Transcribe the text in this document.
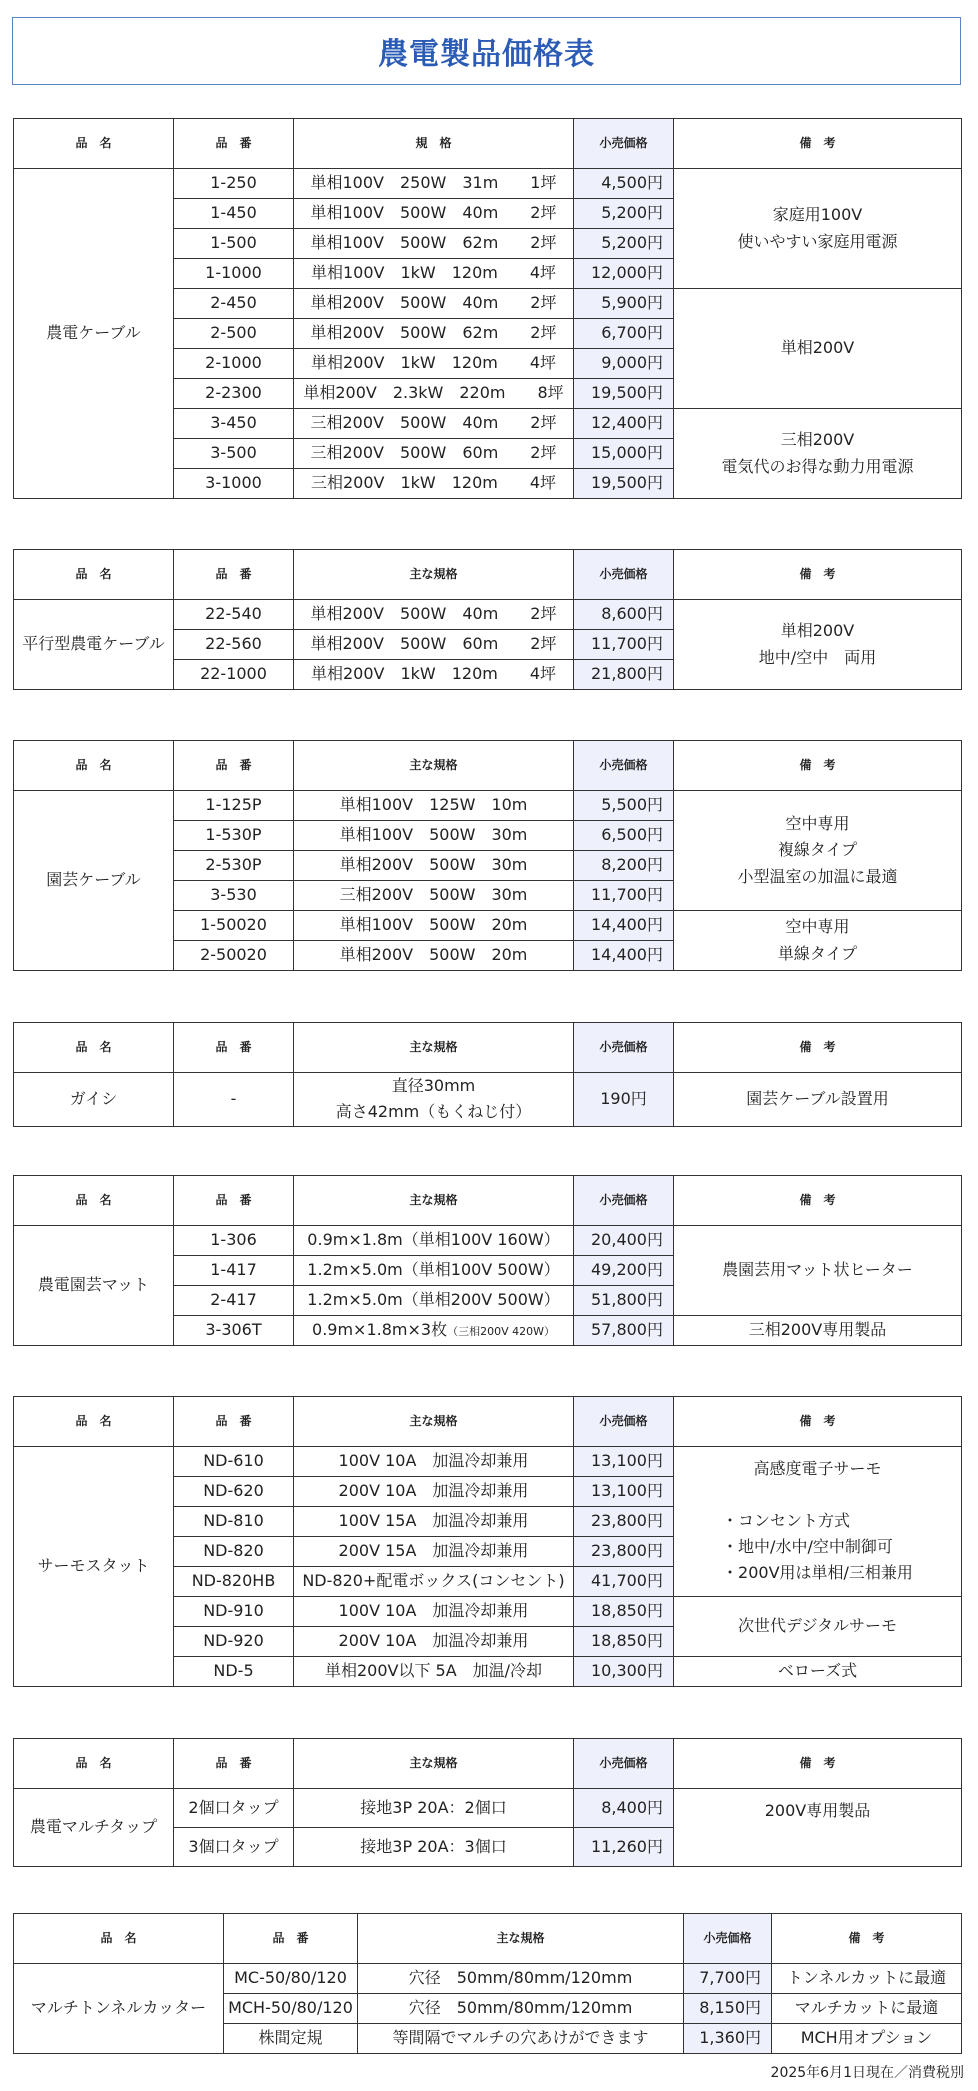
農電製品価格表
品　名	品　番	規　格	小売価格	備　考
農電ケーブル	1-250	単相100V　250W　31m　　1坪	4,500円	家庭用100V
使いやすい家庭用電源

	1-450	単相100V　500W　40m　　2坪	5,200円	
	1-500	単相100V　500W　62m　　2坪	5,200円	
	1-1000	単相100V　1kW　120m　　4坪	12,000円	
	2-450	単相200V　500W　40m　　2坪	5,900円	単相200V

	2-500	単相200V　500W　62m　　2坪	6,700円	
	2-1000	単相200V　1kW　120m　　4坪	9,000円	
	2-2300	単相200V　2.3kW　220m　　8坪	19,500円	
	3-450	三相200V　500W　40m　　2坪	12,400円	三相200V
電気代のお得な動力用電源

	3-500	三相200V　500W　60m　　2坪	15,000円	
	3-1000	三相200V　1kW　120m　　4坪	19,500円	
品　名	品　番	主な規格	小売価格	備　考
平行型農電ケーブル	22-540	単相200V　500W　40m　　2坪	8,600円	単相200V
地中/空中　両用

	22-560	単相200V　500W　60m　　2坪	11,700円	
	22-1000	単相200V　1kW　120m　　4坪	21,800円	
品　名	品　番	主な規格	小売価格	備　考
園芸ケーブル	1-125P	単相100V　125W　10m	5,500円	空中専用
複線タイプ
小型温室の加温に最適

	1-530P	単相100V　500W　30m	6,500円	
	2-530P	単相200V　500W　30m	8,200円	
	3-530	三相200V　500W　30m	11,700円	
	1-50020	単相100V　500W　20m	14,400円	空中専用
単線タイプ

	2-50020	単相200V　500W　20m	14,400円	
品　名	品　番	主な規格	小売価格	備　考
ガイシ	-	直径30mm
高さ42mm（もくねじ付）	190円	園芸ケーブル設置用
品　名	品　番	主な規格	小売価格	備　考
農電園芸マット	1-306	0.9m×1.8m（単相100V 160W）	20,400円	農園芸用マット状ヒーター
	1-417	1.2m×5.0m（単相100V 500W）	49,200円	
	2-417	1.2m×5.0m（単相200V 500W）	51,800円	
	3-306T	0.9m×1.8m×3枚（三相200V 420W）	57,800円	三相200V専用製品
品　名	品　番	主な規格	小売価格	備　考
サーモスタット	ND-610	100V 10A　加温冷却兼用	13,100円	高感度電子サーモ
・コンセント方式
・地中/水中/空中制御可
・200V用は単相/三相兼用

	ND-620	200V 10A　加温冷却兼用	13,100円	
	ND-810	100V 15A　加温冷却兼用	23,800円	
	ND-820	200V 15A　加温冷却兼用	23,800円	
	ND-820HB	ND-820+配電ボックス(コンセント)	41,700円	
	ND-910	100V 10A　加温冷却兼用	18,850円	次世代デジタルサーモ
	ND-920	200V 10A　加温冷却兼用	18,850円	
	ND-5	単相200V以下 5A　加温/冷却	10,300円	ベローズ式
品　名	品　番	主な規格	小売価格	備　考
農電マルチタップ	2個口タップ	接地3P 20A：2個口	8,400円	200V専用製品
	3個口タップ	接地3P 20A：3個口	11,260円	
品　名	品　番	主な規格	小売価格	備　考
マルチトンネルカッター	MC-50/80/120	穴径　50mm/80mm/120mm	7,700円	トンネルカットに最適
	MCH-50/80/120	穴径　50mm/80mm/120mm	8,150円	マルチカットに最適
	株間定規	等間隔でマルチの穴あけができます	1,360円	MCH用オプション
2025年6月1日現在／消費税別
